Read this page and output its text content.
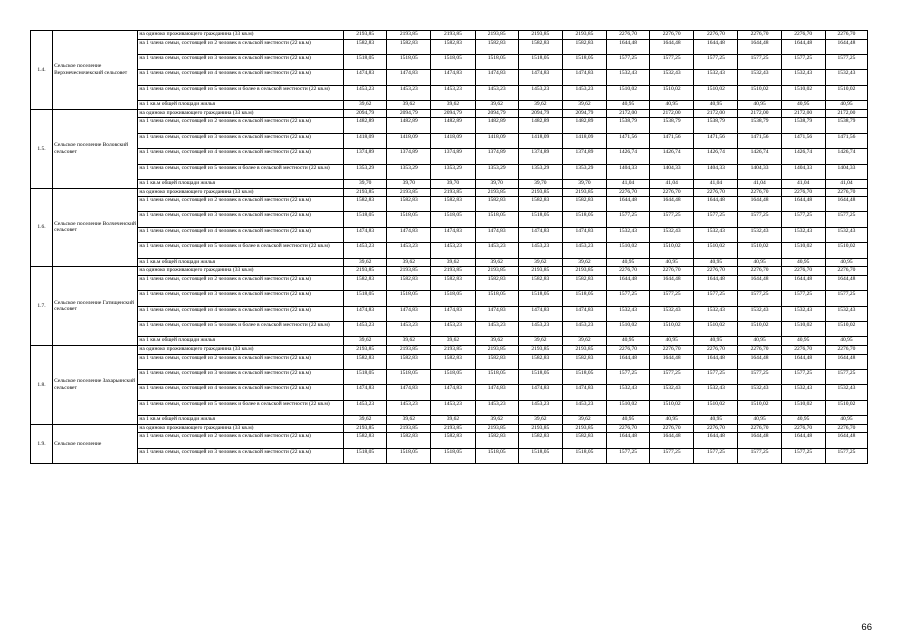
1.4.	Сельское поселение Верхнечесночекский сельсовет	на одиноко проживающего гражданина (33 кв.м)	2193,85	2193,85	2193,85	2193,85	2193,85	2193,85	2276,70	2276,70	2276,70	2276,70	2276,70	2276,70
		на 1 члена семьи, состоящей из 2 человек в сельской местности (22 кв.м)	1582,83	1582,83	1582,83	1582,83	1582,83	1582,83	1644,48	1644,48	1644,48	1644,48	1644,48	1644,48
		на 1 члена семьи, состоящей из 3 человек в сельской местности (22 кв.м)	1518,05	1518,05	1518,05	1518,05	1518,05	1518,05	1577,25	1577,25	1577,25	1577,25	1577,25	1577,25
		на 1 члена семьи, состоящей из 4 человек в сельской местности (22 кв.м)	1474,83	1474,83	1474,83	1474,83	1474,83	1474,83	1532,43	1532,43	1532,43	1532,43	1532,43	1532,43
		на 1 члена семьи, состоящей из 5 человек и более в сельской местности (22 кв.м)	1453,23	1453,23	1453,23	1453,23	1453,23	1453,23	1510,02	1510,02	1510,02	1510,02	1510,02	1510,02
		на 1 кв.м общей площади жилья	39,62	39,62	39,62	39,62	39,62	39,62	40,95	40,95	40,95	40,95	40,95	40,95
1.5.	Сельское поселение Воловский сельсовет	на одиноко проживающего гражданина (33 кв.м)	2094,79	2094,79	2094,79	2094,79	2094,79	2094,79	2172,00	2172,00	2172,00	2172,00	2172,00	2172,00
		на 1 члена семьи, состоящей из 2 человек в сельской местности (22 кв.м)	1482,89	1482,89	1482,89	1482,89	1482,89	1482,89	1538,79	1538,79	1538,79	1538,79	1538,79	1538,79
		на 1 члена семьи, состоящей из 3 человек в сельской местности (22 кв.м)	1418,09	1418,09	1418,09	1418,09	1418,09	1418,09	1471,56	1471,56	1471,56	1471,56	1471,56	1471,56
		на 1 члена семьи, состоящей из 4 человек в сельской местности (22 кв.м)	1374,89	1374,89	1374,89	1374,89	1374,89	1374,89	1426,74	1426,74	1426,74	1426,74	1426,74	1426,74
		на 1 члена семьи, состоящей из 5 человек и более в сельской местности (22 кв.м)	1353,29	1353,29	1353,29	1353,29	1353,29	1353,29	1404,33	1404,33	1404,33	1404,33	1404,33	1404,33
		на 1 кв.м общей площади жилья	39,70	39,70	39,70	39,70	39,70	39,70	41,04	41,04	41,04	41,04	41,04	41,04
1.6.	Сельское поселение Волчеченский сельсовет	на одиноко проживающего гражданина (33 кв.м)	2193,85	2193,85	2193,85	2193,85	2193,85	2193,85	2276,70	2276,70	2276,70	2276,70	2276,70	2276,70
		на 1 члена семьи, состоящей из 2 человек в сельской местности (22 кв.м)	1582,83	1582,83	1582,83	1582,83	1582,83	1582,83	1644,48	1644,48	1644,48	1644,48	1644,48	1644,48
		на 1 члена семьи, состоящей из 3 человек в сельской местности (22 кв.м)	1518,05	1518,05	1518,05	1518,05	1518,05	1518,05	1577,25	1577,25	1577,25	1577,25	1577,25	1577,25
		на 1 члена семьи, состоящей из 4 человек в сельской местности (22 кв.м)	1474,83	1474,83	1474,83	1474,83	1474,83	1474,83	1532,43	1532,43	1532,43	1532,43	1532,43	1532,43
		на 1 члена семьи, состоящей из 5 человек и более в сельской местности (22 кв.м)	1453,23	1453,23	1453,23	1453,23	1453,23	1453,23	1510,02	1510,02	1510,02	1510,02	1510,02	1510,02
		на 1 кв.м общей площади жилья	39,62	39,62	39,62	39,62	39,62	39,62	40,95	40,95	40,95	40,95	40,95	40,95
1.7.	Сельское поселение Гатищенский сельсовет	на одиноко проживающего гражданина (33 кв.м)	2193,85	2193,85	2193,85	2193,85	2193,85	2193,85	2276,70	2276,70	2276,70	2276,70	2276,70	2276,70
		на 1 члена семьи, состоящей из 2 человек в сельской местности (22 кв.м)	1582,83	1582,83	1582,83	1582,83	1582,83	1582,83	1644,48	1644,48	1644,48	1644,48	1644,48	1644,48
		на 1 члена семьи, состоящей из 3 человек в сельской местности (22 кв.м)	1518,05	1518,05	1518,05	1518,05	1518,05	1518,05	1577,25	1577,25	1577,25	1577,25	1577,25	1577,25
		на 1 члена семьи, состоящей из 4 человек в сельской местности (22 кв.м)	1474,83	1474,83	1474,83	1474,83	1474,83	1474,83	1532,43	1532,43	1532,43	1532,43	1532,43	1532,43
		на 1 члена семьи, состоящей из 5 человек и более в сельской местности (22 кв.м)	1453,23	1453,23	1453,23	1453,23	1453,23	1453,23	1510,02	1510,02	1510,02	1510,02	1510,02	1510,02
		на 1 кв.м общей площади жилья	39,62	39,62	39,62	39,62	39,62	39,62	40,95	40,95	40,95	40,95	40,95	40,95
1.8.	Сельское поселение Захарьинский сельсовет	на одиноко проживающего гражданина (33 кв.м)	2193,85	2193,85	2193,85	2193,85	2193,85	2193,85	2276,70	2276,70	2276,70	2276,70	2276,70	2276,70
		на 1 члена семьи, состоящей из 2 человек в сельской местности (22 кв.м)	1582,83	1582,83	1582,83	1582,83	1582,83	1582,83	1644,48	1644,48	1644,48	1644,48	1644,48	1644,48
		на 1 члена семьи, состоящей из 3 человек в сельской местности (22 кв.м)	1518,05	1518,05	1518,05	1518,05	1518,05	1518,05	1577,25	1577,25	1577,25	1577,25	1577,25	1577,25
		на 1 члена семьи, состоящей из 4 человек в сельской местности (22 кв.м)	1474,83	1474,83	1474,83	1474,83	1474,83	1474,83	1532,43	1532,43	1532,43	1532,43	1532,43	1532,43
		на 1 члена семьи, состоящей из 5 человек и более в сельской местности (22 кв.м)	1453,23	1453,23	1453,23	1453,23	1453,23	1453,23	1510,02	1510,02	1510,02	1510,02	1510,02	1510,02
		на 1 кв.м общей площади жилья	39,62	39,62	39,62	39,62	39,62	39,62	40,95	40,95	40,95	40,95	40,95	40,95
1.9.	Сельское поселение	на одиноко проживающего гражданина (33 кв.м)	2193,85	2193,85	2193,85	2193,85	2193,85	2193,85	2276,70	2276,70	2276,70	2276,70	2276,70	2276,70
		на 1 члена семьи, состоящей из 2 человек в сельской местности (22 кв.м)	1582,83	1582,83	1582,83	1582,83	1582,83	1582,83	1644,48	1644,48	1644,48	1644,48	1644,48	1644,48
		на 1 члена семьи, состоящей из 3 человек в сельской местности (22 кв.м)	1518,05	1518,05	1518,05	1518,05	1518,05	1518,05	1577,25	1577,25	1577,25	1577,25	1577,25	1577,25
66
